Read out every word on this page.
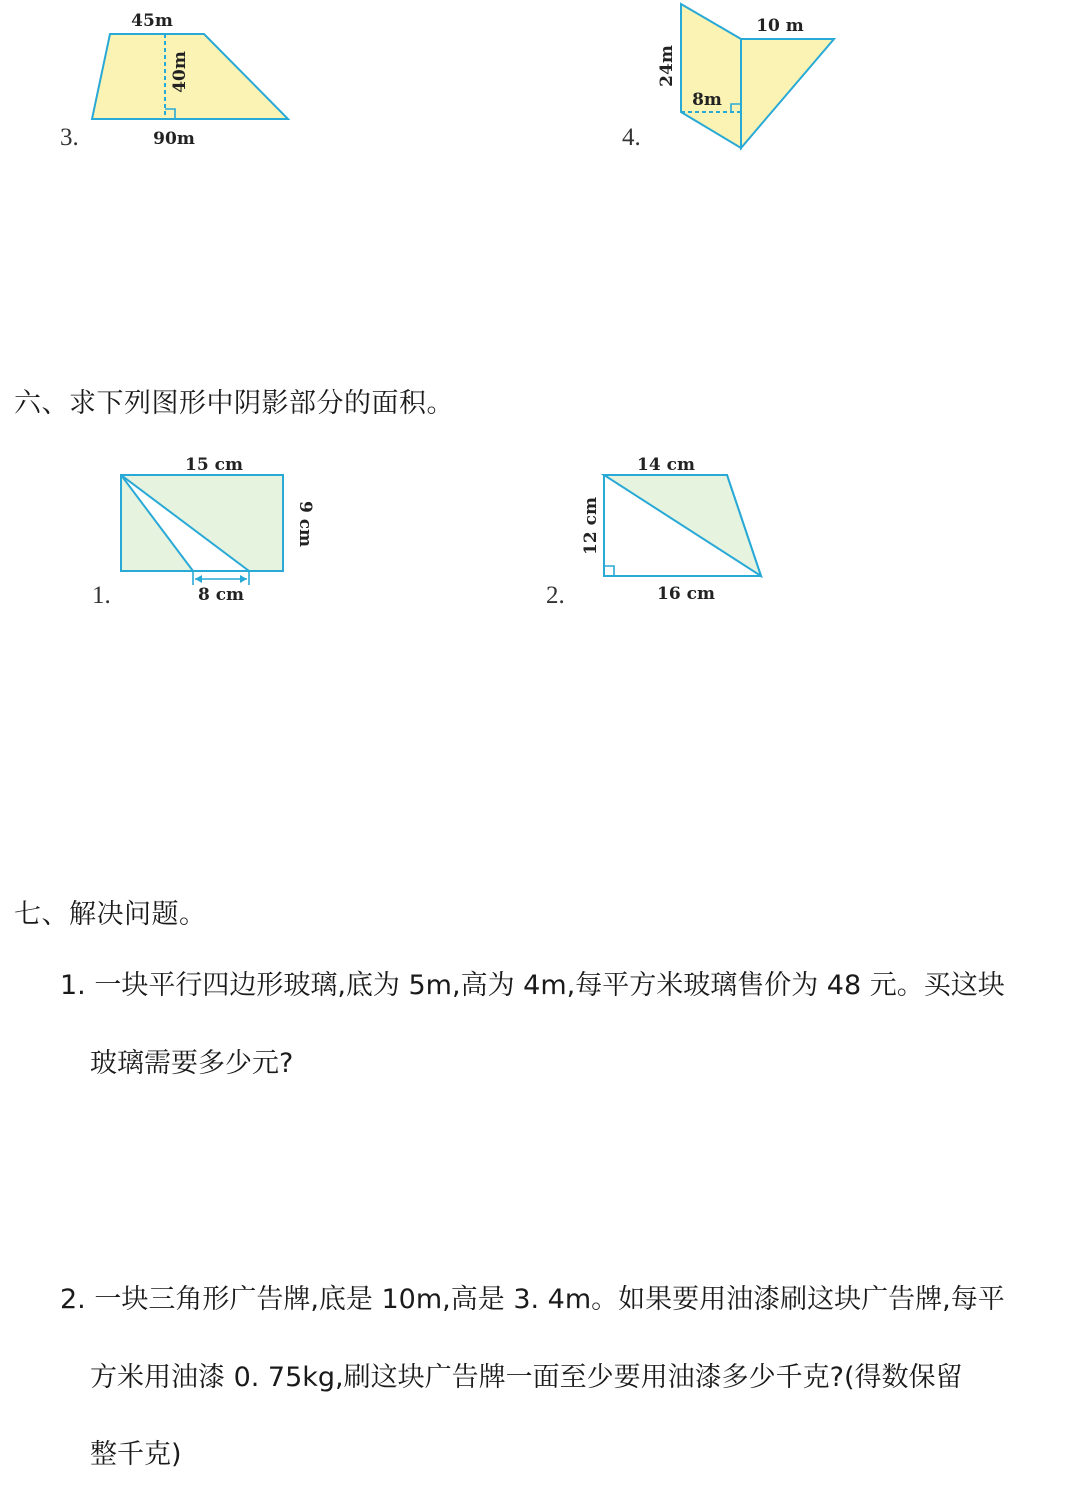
3.
45m
40m
90m	4.
24m
8m
10 m
六、求下列图形中阴影部分的面积。
1.
15 cm
9 cm
8 cm	2.
14 cm
12 cm
16 cm
七、解决问题。
1. 一块平行四边形玻璃,底为 5m,高为 4m,每平方米玻璃售价为 48 元。买这块
玻璃需要多少元?
2. 一块三角形广告牌,底是 10m,高是 3. 4m。如果要用油漆刷这块广告牌,每平
方米用油漆 0. 75kg,刷这块广告牌一面至少要用油漆多少千克?(得数保留
整千克)
